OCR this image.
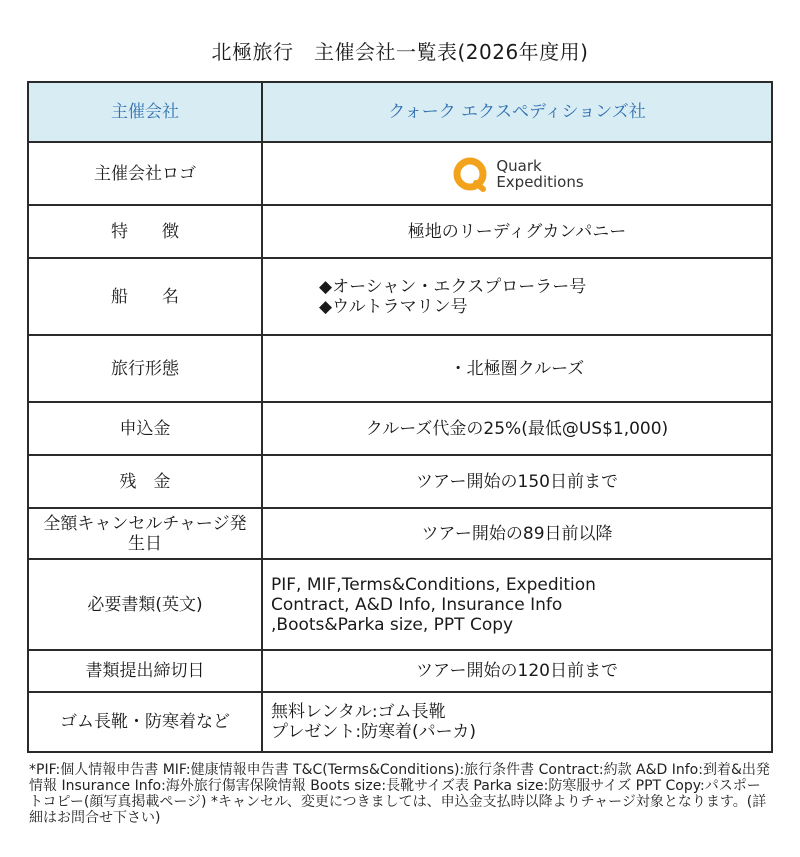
北極旅行　主催会社一覧表(2026年度用)
主催会社	クォーク エクスペディションズ社
主催会社ロゴ	Quark
Expeditions

特　　徴	極地のリーディグカンパニー
船　　名	◆オーシャン・エクスプローラー号
◆ウルトラマリン号

旅行形態	・北極圏クルーズ
申込金	クルーズ代金の25%(最低@US$1,000)
残　金	ツアー開始の150日前まで
全額キャンセルチャージ発生日	ツアー開始の89日前以降
必要書類(英文)	PIF, MIF,Terms&Conditions, Expedition
Contract, A&D Info, Insurance Info
,Boots&Parka size, PPT Copy

書類提出締切日	ツアー開始の120日前まで
ゴム長靴・防寒着など	無料レンタル:ゴム長靴
プレゼント:防寒着(パーカ)
*PIF:個人情報申告書 MIF:健康情報申告書 T&C(Terms&Conditions):旅行条件書 Contract:約款 A&D Info:到着&出発情報 Insurance Info:海外旅行傷害保険情報 Boots size:長靴サイズ表 Parka size:防寒服サイズ PPT Copy:パスポートコピー(顔写真掲載ページ) *キャンセル、変更につきましては、申込金支払時以降よりチャージ対象となります。(詳細はお問合せ下さい)
